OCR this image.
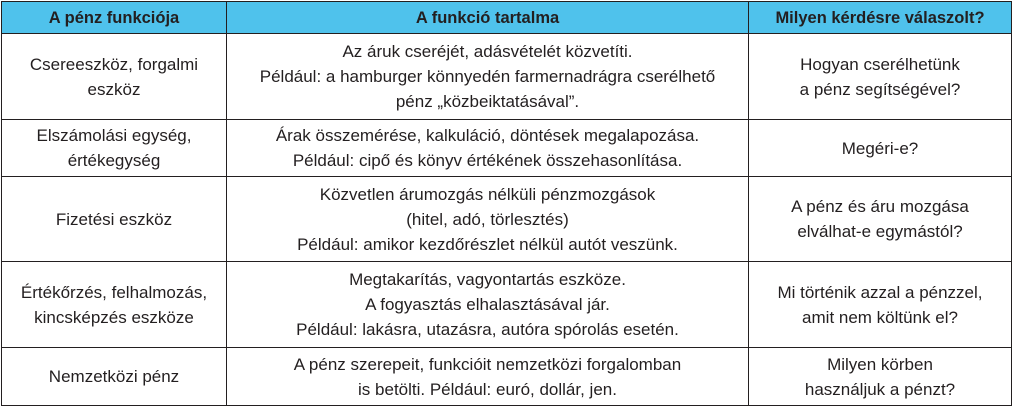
A pénz funkciója	A funkció tartalma	Milyen kérdésre válaszolt?

Csereeszköz, forgalmi
eszköz	Az áruk cseréjét, adásvételét közvetíti.
Például: a hamburger könnyedén farmernadrágra cserélhető
pénz „közbeiktatásával”.	Hogyan cserélhetünk
a pénz segítségével?

Elszámolási egység,
értékegység	Árak összemérése, kalkuláció, döntések megalapozása.
Például: cipő és könyv értékének összehasonlítása.	Megéri-e?

Fizetési eszköz	Közvetlen árumozgás nélküli pénzmozgások
(hitel, adó, törlesztés)
Például: amikor kezdőrészlet nélkül autót veszünk.	A pénz és áru mozgása
elválhat-e egymástól?

Értékőrzés, felhalmozás,
kincsképzés eszköze	Megtakarítás, vagyontartás eszköze.
A fogyasztás elhalasztásával jár.
Például: lakásra, utazásra, autóra spórolás esetén.	Mi történik azzal a pénzzel,
amit nem költünk el?

Nemzetközi pénz	A pénz szerepeit, funkcióit nemzetközi forgalomban
is betölti. Például: euró, dollár, jen.	Milyen körben
használjuk a pénzt?
